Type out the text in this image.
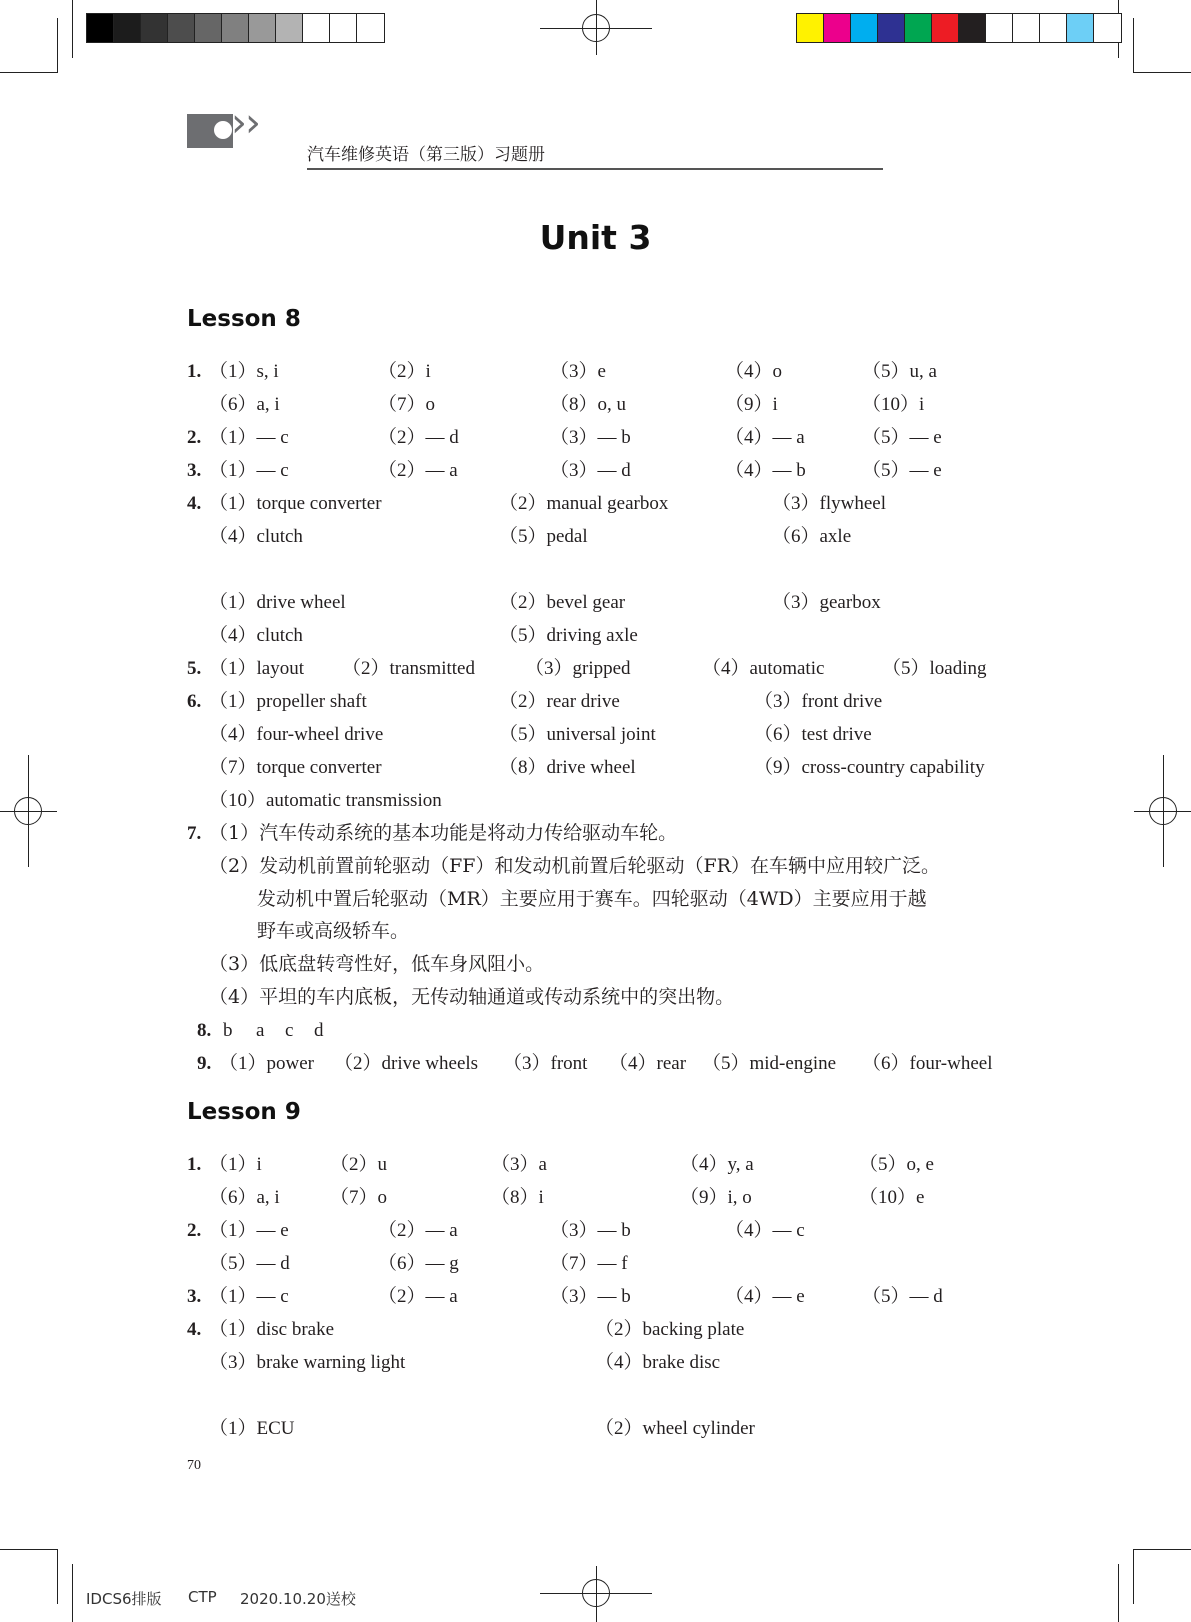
›
›
汽车维修英语（第三版）习题册
Unit 3
Lesson 8
1. （1）s, i	（2）i	（3）e	（4）o	（5）u, a
（6）a, i	（7）o	（8）o, u	（9）i	（10）i
2. （1）— c	（2）— d	（3）— b	（4）— a	（5）— e
3. （1）— c	（2）— a	（3）— d	（4）— b	（5）— e
4. （1）torque converter	（2）manual gearbox	（3）flywheel
（4）clutch	（5）pedal	（6）axle
（1）drive wheel	（2）bevel gear	（3）gearbox
（4）clutch	（5）driving axle
5. （1）layout （2）transmitted	（3）gripped	（4）automatic	（5）loading
6. （1）propeller shaft	（2）rear drive	（3）front drive
（4）four-wheel drive	（5）universal joint	（6）test drive
（7）torque converter	（8）drive wheel	（9）cross-country capability
（10）automatic transmission
7. （1）汽车传动系统的基本功能是将动力传给驱动车轮。
（2）发动机前置前轮驱动（FF）和发动机前置后轮驱动（FR）在车辆中应用较广泛。
发动机中置后轮驱动（MR）主要应用于赛车。四轮驱动（4WD）主要应用于越
野车或高级轿车。
（3）低底盘转弯性好，低车身风阻小。
（4）平坦的车内底板，无传动轴通道或传动系统中的突出物。
8. b a c d
9. （1）power （2）drive wheels （3）front （4）rear （5）mid-engine （6）four-wheel
Lesson 9
1. （1）i	（2）u	（3）a	（4）y, a	（5）o, e
（6）a, i	（7）o	（8）i	（9）i, o	（10）e
2. （1）— e	（2）— a	（3）— b	（4）— c
（5）— d	（6）— g	（7）— f
3. （1）— c	（2）— a	（3）— b	（4）— e	（5）— d
4. （1）disc brake	（2）backing plate
（3）brake warning light	（4）brake disc
（1）ECU	（2）wheel cylinder
70
IDCS6排版 CTP 2020.10.20送校
